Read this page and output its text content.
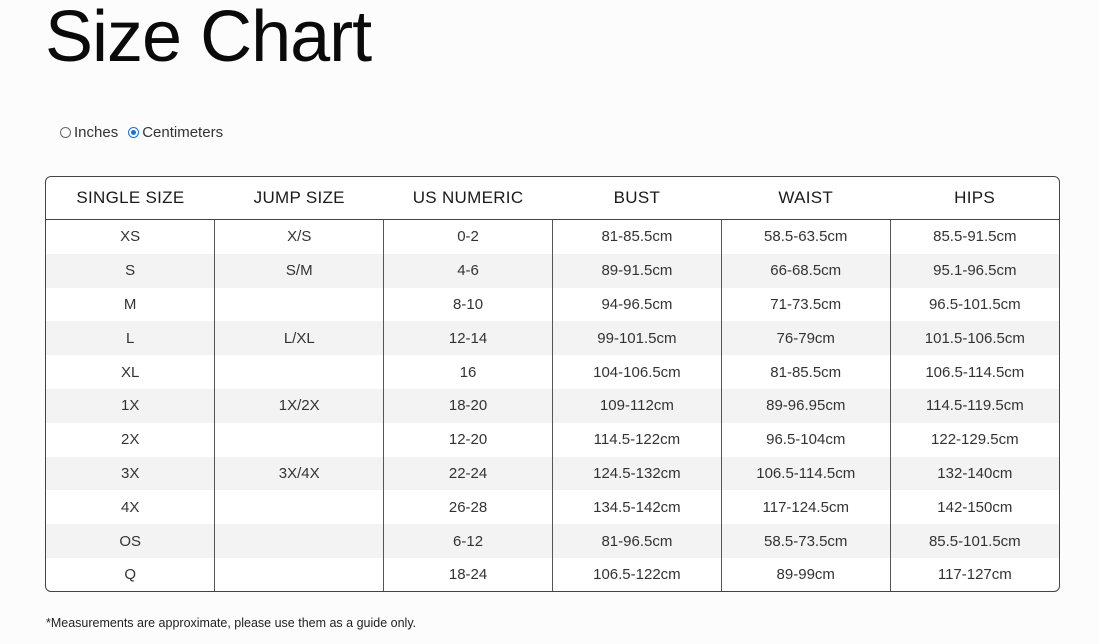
Size Chart
Inches Centimeters
SINGLE SIZE	JUMP SIZE	US NUMERIC	BUST	WAIST	HIPS
XS	X/S	0-2	81-85.5cm	58.5-63.5cm	85.5-91.5cm
S	S/M	4-6	89-91.5cm	66-68.5cm	95.1-96.5cm
M		8-10	94-96.5cm	71-73.5cm	96.5-101.5cm
L	L/XL	12-14	99-101.5cm	76-79cm	101.5-106.5cm
XL		16	104-106.5cm	81-85.5cm	106.5-114.5cm
1X	1X/2X	18-20	109-112cm	89-96.95cm	114.5-119.5cm
2X		12-20	114.5-122cm	96.5-104cm	122-129.5cm
3X	3X/4X	22-24	124.5-132cm	106.5-114.5cm	132-140cm
4X		26-28	134.5-142cm	117-124.5cm	142-150cm
OS		6-12	81-96.5cm	58.5-73.5cm	85.5-101.5cm
Q		18-24	106.5-122cm	89-99cm	117-127cm
*Measurements are approximate, please use them as a guide only.
